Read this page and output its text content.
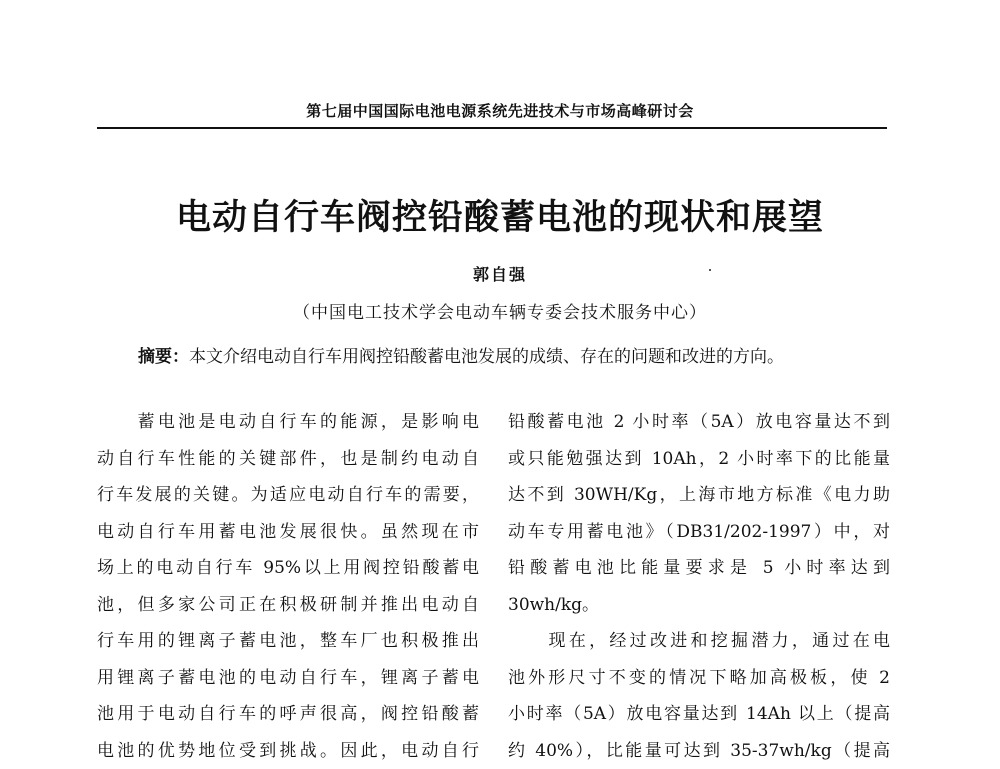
第七届中国国际电池电源系统先进技术与市场高峰研讨会
电动自行车阀控铅酸蓄电池的现状和展望
郭自强
（中国电工技术学会电动车辆专委会技术服务中心）
摘要：本文介绍电动自行车用阀控铅酸蓄电池发展的成绩、存在的问题和改进的方向。
　　蓄电池是电动自行车的能源，是影响电
动自行车性能的关键部件，也是制约电动自
行车发展的关键。为适应电动自行车的需要，
电动自行车用蓄电池发展很快。虽然现在市
场上的电动自行车 95%以上用阀控铅酸蓄电
池，但多家公司正在积极研制并推出电动自
行车用的锂离子蓄电池，整车厂也积极推出
用锂离子蓄电池的电动自行车，锂离子蓄电
池用于电动自行车的呼声很高，阀控铅酸蓄
电池的优势地位受到挑战。因此，电动自行
铅酸蓄电池 2 小时率（5A）放电容量达不到
或只能勉强达到 10Ah，2 小时率下的比能量
达不到 30WH/Kg，上海市地方标准《电力助
动车专用蓄电池》（DB31/202-1997）中，对
铅酸蓄电池比能量要求是 5 小时率达到
30wh/kg。
　　现在，经过改进和挖掘潜力，通过在电
池外形尺寸不变的情况下略加高极板，使 2
小时率（5A）放电容量达到 14Ah 以上（提高
约 40%），比能量可达到 35-37wh/kg（提高
